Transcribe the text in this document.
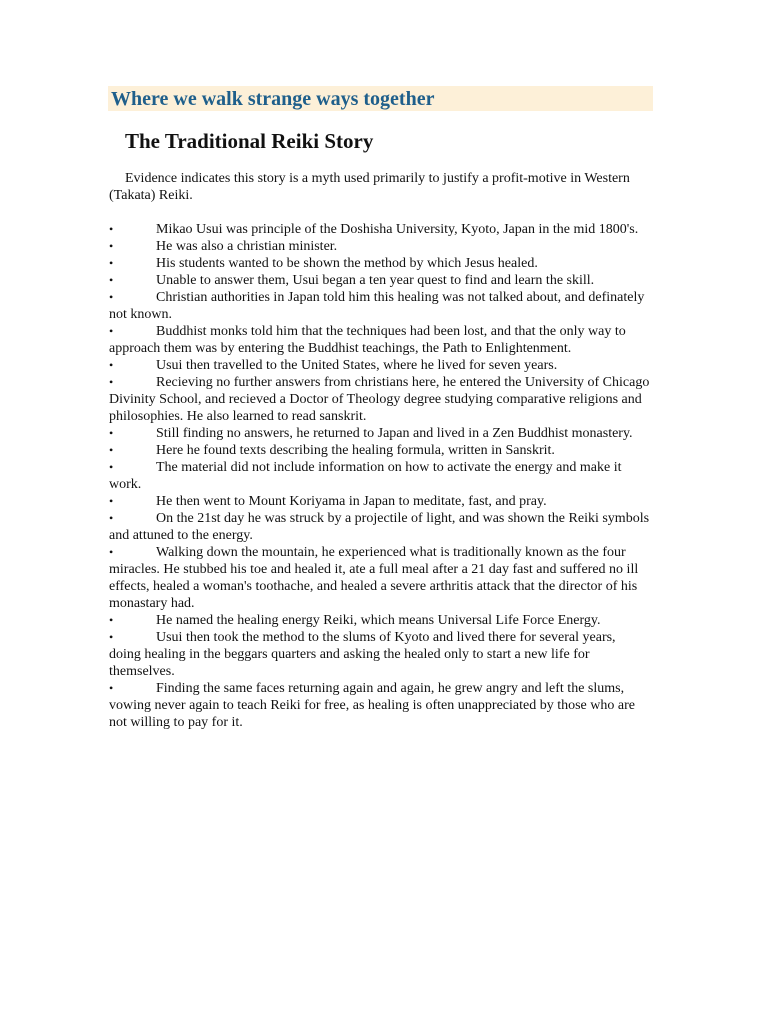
Where we walk strange ways together
The Traditional Reiki Story

Evidence indicates this story is a myth used primarily to justify a profit-motive in Western (Takata) Reiki.

•	Mikao Usui was principle of the Doshisha University, Kyoto, Japan in the mid 1800's.
•	He was also a christian minister.
•	His students wanted to be shown the method by which Jesus healed.
•	Unable to answer them, Usui began a ten year quest to find and learn the skill.
•	Christian authorities in Japan told him this healing was not talked about, and definately not known.
•	Buddhist monks told him that the techniques had been lost, and that the only way to approach them was by entering the Buddhist teachings, the Path to Enlightenment.
•	Usui then travelled to the United States, where he lived for seven years.
•	Recieving no further answers from christians here, he entered the University of Chicago Divinity School, and recieved a Doctor of Theology degree studying comparative religions and philosophies. He also learned to read sanskrit.
•	Still finding no answers, he returned to Japan and lived in a Zen Buddhist monastery.
•	Here he found texts describing the healing formula, written in Sanskrit.
•	The material did not include information on how to activate the energy and make it work.
•	He then went to Mount Koriyama in Japan to meditate, fast, and pray.
•	On the 21st day he was struck by a projectile of light, and was shown the Reiki symbols and attuned to the energy.
•	Walking down the mountain, he experienced what is traditionally known as the four miracles. He stubbed his toe and healed it, ate a full meal after a 21 day fast and suffered no ill effects, healed a woman's toothache, and healed a severe arthritis attack that the director of his monastary had.
•	He named the healing energy Reiki, which means Universal Life Force Energy.
•	Usui then took the method to the slums of Kyoto and lived there for several years, doing healing in the beggars quarters and asking the healed only to start a new life for themselves.
•	Finding the same faces returning again and again, he grew angry and left the slums, vowing never again to teach Reiki for free, as healing is often unappreciated by those who are not willing to pay for it.
